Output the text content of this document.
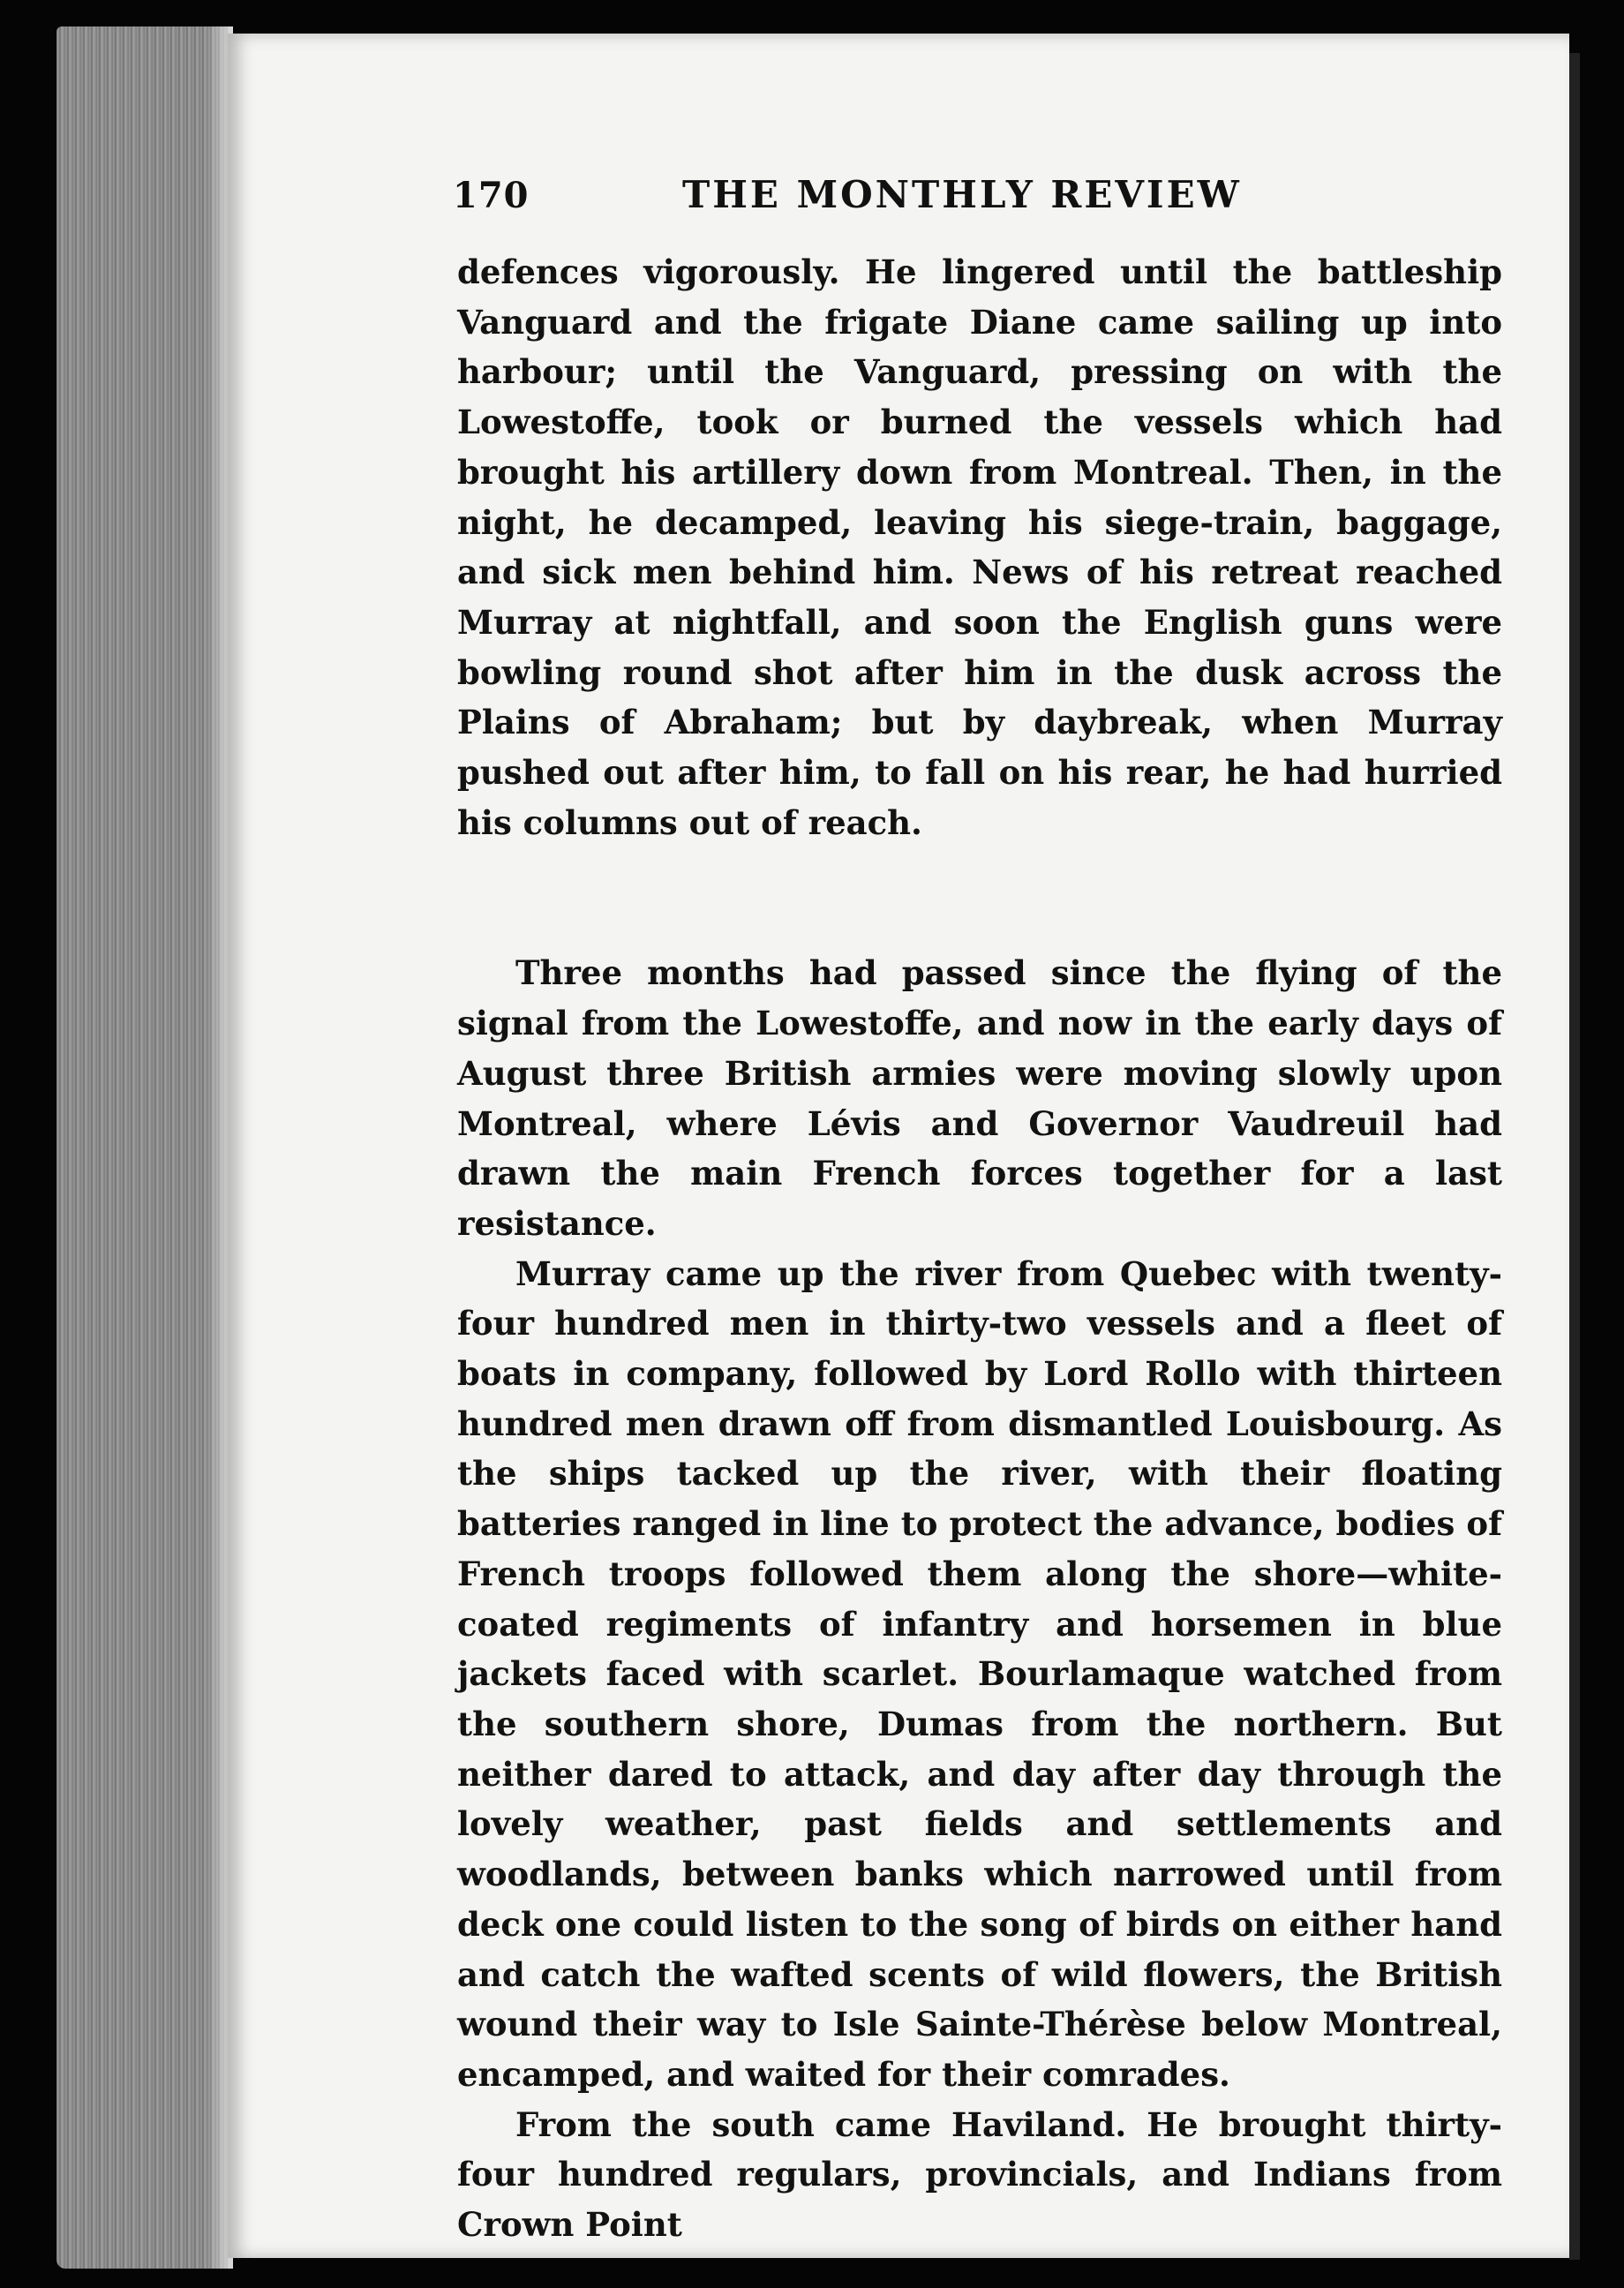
170	THE MONTHLY REVIEW

defences vigorously. He lingered until the battleship Vanguard and the frigate Diane came sailing up into harbour; until the Vanguard, pressing on with the Lowestoffe, took or burned the vessels which had brought his artillery down from Montreal. Then, in the night, he decamped, leaving his siege-train, baggage, and sick men behind him. News of his retreat reached Murray at nightfall, and soon the English guns were bowling round shot after him in the dusk across the Plains of Abraham; but by daybreak, when Murray pushed out after him, to fall on his rear, he had hurried his columns out of reach.

Three months had passed since the flying of the signal from the Lowestoffe, and now in the early days of August three British armies were moving slowly upon Montreal, where Lévis and Governor Vaudreuil had drawn the main French forces together for a last resistance.

Murray came up the river from Quebec with twenty-four hundred men in thirty-two vessels and a fleet of boats in company, followed by Lord Rollo with thirteen hundred men drawn off from dismantled Louisbourg. As the ships tacked up the river, with their floating batteries ranged in line to protect the advance, bodies of French troops followed them along the shore—white-coated regiments of infantry and horsemen in blue jackets faced with scarlet. Bourlamaque watched from the southern shore, Dumas from the northern. But neither dared to attack, and day after day through the lovely weather, past fields and settlements and woodlands, between banks which narrowed until from deck one could listen to the song of birds on either hand and catch the wafted scents of wild flowers, the British wound their way to Isle Sainte-Thérèse below Montreal, encamped, and waited for their comrades.

From the south came Haviland. He brought thirty-four hundred regulars, provincials, and Indians from Crown Point
